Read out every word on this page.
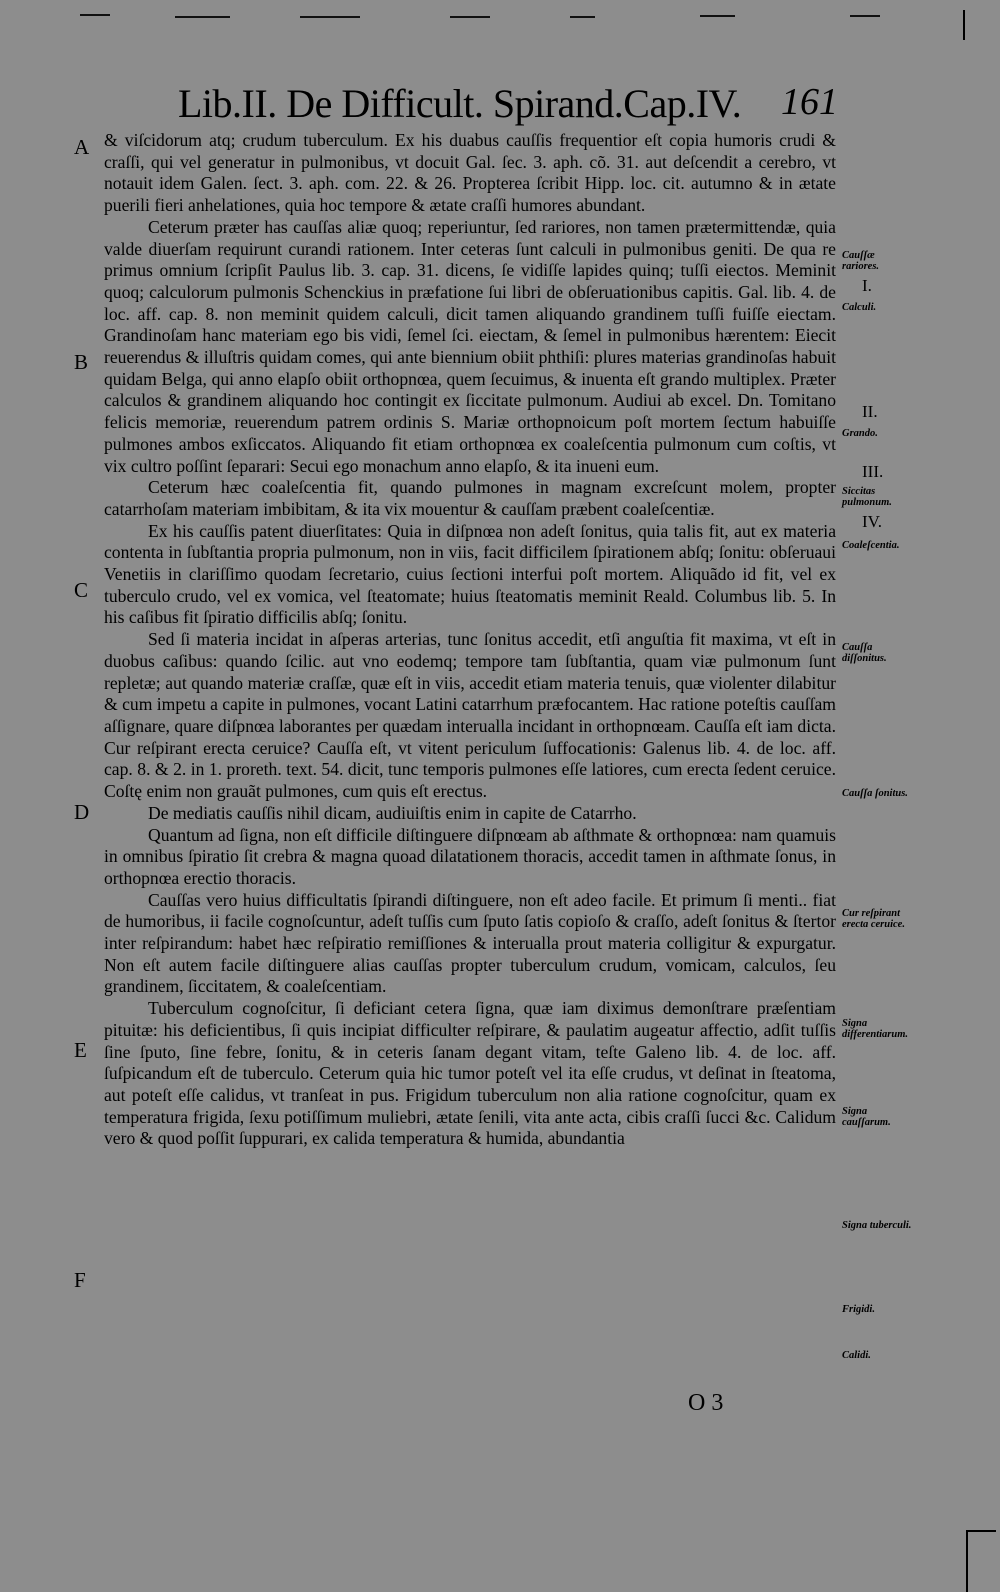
Lib.II. De Difficult. Spirand.Cap.IV. 161
A
B
C
D
E
F

& viſcidorum atq; crudum tuberculum. Ex his duabus cauſſis frequentior eſt copia humoris crudi & craſſi, qui vel generatur in pulmonibus, vt docuit Gal. ſec. 3. aph. cõ. 31. aut deſcendit a cerebro, vt notauit idem Galen. ſect. 3. aph. com. 22. & 26. Propterea ſcribit Hipp. loc. cit. autumno & in ætate puerili fieri anhelationes, quia hoc tempore & ætate craſſi humores abundant.

Ceterum præter has cauſſas aliæ quoq; reperiuntur, ſed rariores, non tamen prætermittendæ, quia valde diuerſam requirunt curandi rationem. Inter ceteras ſunt calculi in pulmonibus geniti. De qua re primus omnium ſcripſit Paulus lib. 3. cap. 31. dicens, ſe vidiſſe lapides quinq; tuſſi eiectos. Meminit quoq; calculorum pulmonis Schenckius in præfatione ſui libri de obſeruationibus capitis. Gal. lib. 4. de loc. aff. cap. 8. non meminit quidem calculi, dicit tamen aliquando grandinem tuſſi fuiſſe eiectam. Grandinoſam hanc materiam ego bis vidi, ſemel ſci. eiectam, & ſemel in pulmonibus hærentem: Eiecit reuerendus & illuſtris quidam comes, qui ante biennium obiit phthiſi: plures materias grandinoſas habuit quidam Belga, qui anno elapſo obiit orthopnœa, quem ſecuimus, & inuenta eſt grando multiplex. Præter calculos & grandinem aliquando hoc contingit ex ſiccitate pulmonum. Audiui ab excel. Dn. Tomitano felicis memoriæ, reuerendum patrem ordinis S. Mariæ orthopnoicum poſt mortem ſectum habuiſſe pulmones ambos exſiccatos. Aliquando fit etiam orthopnœa ex coaleſcentia pulmonum cum coſtis, vt vix cultro poſſint ſeparari: Secui ego monachum anno elapſo, & ita inueni eum.

Ceterum hæc coaleſcentia fit, quando pulmones in magnam excreſcunt molem, propter catarrhoſam materiam imbibitam, & ita vix mouentur & cauſſam præbent coaleſcentiæ.

Ex his cauſſis patent diuerſitates: Quia in diſpnœa non adeſt ſonitus, quia talis fit, aut ex materia contenta in ſubſtantia propria pulmonum, non in viis, facit difficilem ſpirationem abſq; ſonitu: obſeruaui Venetiis in clariſſimo quodam ſecretario, cuius ſectioni interfui poſt mortem. Aliquãdo id fit, vel ex tuberculo crudo, vel ex vomica, vel ſteatomate; huius ſteatomatis meminit Reald. Columbus lib. 5. In his caſibus fit ſpiratio difficilis abſq; ſonitu.

Sed ſi materia incidat in aſperas arterias, tunc ſonitus accedit, etſi anguſtia fit maxima, vt eſt in duobus caſibus: quando ſcilic. aut vno eodemq; tempore tam ſubſtantia, quam viæ pulmonum ſunt repletæ; aut quando materiæ craſſæ, quæ eſt in viis, accedit etiam materia tenuis, quæ violenter dilabitur & cum impetu a capite in pulmones, vocant Latini catarrhum præfocantem. Hac ratione poteſtis cauſſam aſſignare, quare diſpnœa laborantes per quædam interualla incidant in orthopnœam. Cauſſa eſt iam dicta. Cur reſpirant erecta ceruice? Cauſſa eſt, vt vitent periculum ſuffocationis: Galenus lib. 4. de loc. aff. cap. 8. & 2. in 1. proreth. text. 54. dicit, tunc temporis pulmones eſſe latiores, cum erecta ſedent ceruice. Coſtę enim non grauãt pulmones, cum quis eſt erectus.

De mediatis cauſſis nihil dicam, audiuiſtis enim in capite de Catarrho.

Quantum ad ſigna, non eſt difficile diſtinguere diſpnœam ab aſthmate & orthopnœa: nam quamuis in omnibus ſpiratio ſit crebra & magna quoad dilatationem thoracis, accedit tamen in aſthmate ſonus, in orthopnœa erectio thoracis.

Cauſſas vero huius difficultatis ſpirandi diſtinguere, non eſt adeo facile. Et primum ſi menti.. fiat de humoribus, ii facile cognoſcuntur, adeſt tuſſis cum ſputo ſatis copioſo & craſſo, adeſt ſonitus & ſtertor inter reſpirandum: habet hæc reſpiratio remiſſiones & interualla prout materia colligitur & expurgatur. Non eſt autem facile diſtinguere alias cauſſas propter tuberculum crudum, vomicam, calculos, ſeu grandinem, ſiccitatem, & coaleſcentiam.

Tuberculum cognoſcitur, ſi deficiant cetera ſigna, quæ iam diximus demonſtrare præſentiam pituitæ: his deficientibus, ſi quis incipiat difficulter reſpirare, & paulatim augeatur affectio, adſit tuſſis ſine ſputo, ſine febre, ſonitu, & in ceteris ſanam degant vitam, teſte Galeno lib. 4. de loc. aff. ſuſpicandum eſt de tuberculo. Ceterum quia hic tumor poteſt vel ita eſſe crudus, vt deſinat in ſteatoma, aut poteſt eſſe calidus, vt tranſeat in pus. Frigidum tuberculum non alia ratione cognoſcitur, quam ex temperatura frigida, ſexu potiſſimum muliebri, ætate ſenili, vita ante acta, cibis craſſi ſucci &c. Calidum vero & quod poſſit ſuppurari, ex calida temperatura & humida, abundantia

Cauſſæ rariores.
I.
Calculi.
II.
Grando.
III.
Siccitas pulmonum.
IV.
Coaleſcentia.
Cauſſa diſſonitus.
Cauſſa ſonitus.
Cur reſpirant erecta ceruice.
Signa differentiarum.
Signa cauſſarum.
Signa tuberculi.
Frigidi.
Calidi.
O 3
